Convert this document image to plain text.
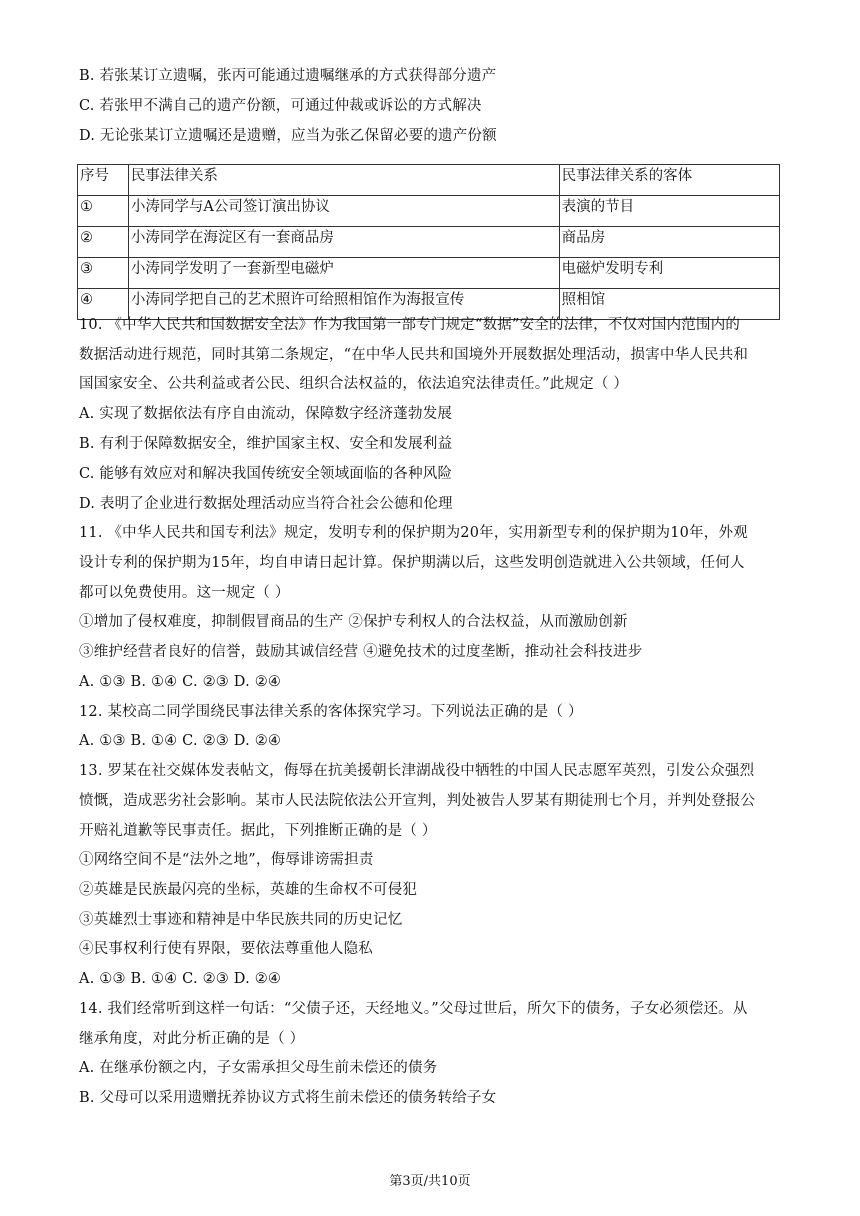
B. 若张某订立遗嘱，张丙可能通过遗嘱继承的方式获得部分遗产
C. 若张甲不满自己的遗产份额，可通过仲裁或诉讼的方式解决
D. 无论张某订立遗嘱还是遗赠，应当为张乙保留必要的遗产份额
序号	民事法律关系	民事法律关系的客体
①	小涛同学与A公司签订演出协议	表演的节目
②	小涛同学在海淀区有一套商品房	商品房
③	小涛同学发明了一套新型电磁炉	电磁炉发明专利
④	小涛同学把自己的艺术照许可给照相馆作为海报宣传	照相馆
10. 《中华人民共和国数据安全法》作为我国第一部专门规定“数据”安全的法律，不仅对国内范围内的
数据活动进行规范，同时其第二条规定，“在中华人民共和国境外开展数据处理活动，损害中华人民共和
国国家安全、公共利益或者公民、组织合法权益的，依法追究法律责任。”此规定（ ）
A. 实现了数据依法有序自由流动，保障数字经济蓬勃发展
B. 有利于保障数据安全，维护国家主权、安全和发展利益
C. 能够有效应对和解决我国传统安全领域面临的各种风险
D. 表明了企业进行数据处理活动应当符合社会公德和伦理
11. 《中华人民共和国专利法》规定，发明专利的保护期为20年，实用新型专利的保护期为10年，外观
设计专利的保护期为15年，均自申请日起计算。保护期满以后，这些发明创造就进入公共领域，任何人
都可以免费使用。这一规定（ ）
①增加了侵权难度，抑制假冒商品的生产 ②保护专利权人的合法权益，从而激励创新
③维护经营者良好的信誉，鼓励其诚信经营 ④避免技术的过度垄断，推动社会科技进步
A. ①③ B. ①④ C. ②③ D. ②④
12. 某校高二同学围绕民事法律关系的客体探究学习。下列说法正确的是（ ）
A. ①③ B. ①④ C. ②③ D. ②④
13. 罗某在社交媒体发表帖文，侮辱在抗美援朝长津湖战役中牺牲的中国人民志愿军英烈，引发公众强烈
愤慨，造成恶劣社会影响。某市人民法院依法公开宣判，判处被告人罗某有期徒刑七个月，并判处登报公
开赔礼道歉等民事责任。据此，下列推断正确的是（ ）
①网络空间不是“法外之地”，侮辱诽谤需担责
②英雄是民族最闪亮的坐标，英雄的生命权不可侵犯
③英雄烈士事迹和精神是中华民族共同的历史记忆
④民事权利行使有界限，要依法尊重他人隐私
A. ①③ B. ①④ C. ②③ D. ②④
14. 我们经常听到这样一句话：“父债子还，天经地义。”父母过世后，所欠下的债务，子女必须偿还。从
继承角度，对此分析正确的是（ ）
A. 在继承份额之内，子女需承担父母生前未偿还的债务
B. 父母可以采用遗赠抚养协议方式将生前未偿还的债务转给子女
第3页/共10页
